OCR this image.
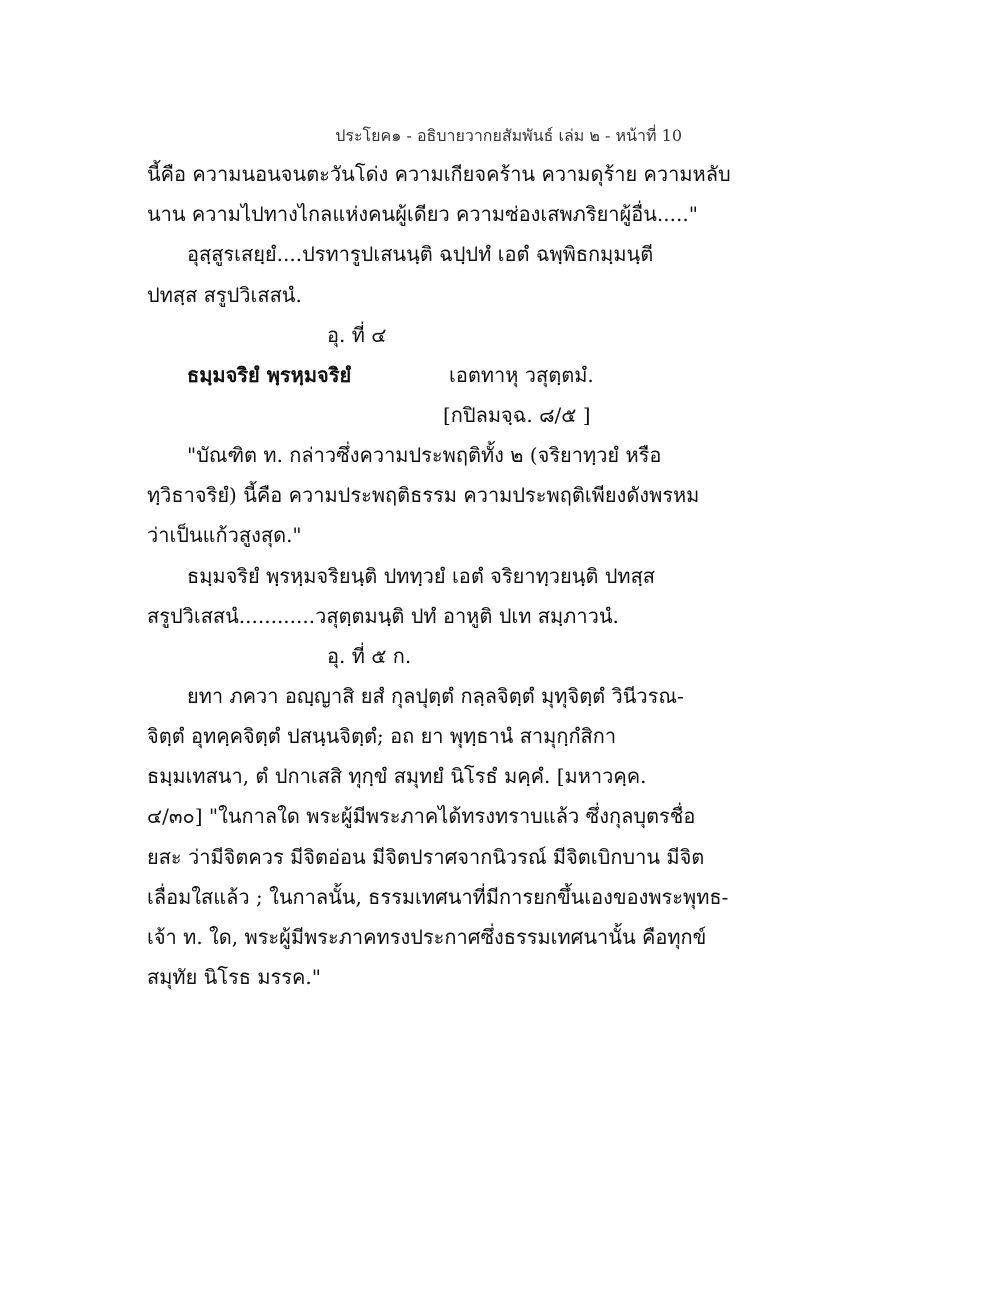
ประโยค๑ - อธิบายวากยสัมพันธ์ เล่ม ๒ - หน้าที่ 10
นี้คือ ความนอนจนตะวันโด่ง ความเกียจคร้าน ความดุร้าย ความหลับ
นาน ความไปทางไกลแห่งคนผู้เดียว ความซ่องเสพภริยาผู้อื่น....."
อุสฺสูรเสยฺยํ....ปรทารูปเสนนฺติ ฉปฺปทํ เอตํ ฉพฺพิธกมฺมนฺตี
ปทสฺส สรูปวิเสสนํ.
อุ. ที่ ๔
ธมฺมจริยํ พฺรหฺมจริยํ	เอตทาหุ วสุตฺตมํ.
[กปิลมจฺฉ. ๘/๕ ]
"บัณฑิต ท. กล่าวซึ่งความประพฤติทั้ง ๒ (จริยาทฺวยํ หรือ
ทฺวิธาจริยํ) นี้คือ ความประพฤติธรรม ความประพฤติเพียงดังพรหม
ว่าเป็นแก้วสูงสุด."
ธมฺมจริยํ พฺรหฺมจริยนฺติ ปททฺวยํ เอตํ จริยาทฺวยนฺติ ปทสฺส
สรูปวิเสสนํ............วสุตฺตมนฺติ ปทํ อาหูติ ปเท สมฺภาวนํ.
อุ. ที่ ๕ ก.
ยทา ภควา อญฺญาสิ ยสํ กุลปุตฺตํ กลฺลจิตฺตํ มุทุจิตฺตํ วินีวรณ-
จิตฺตํ อุทคฺคจิตฺตํ ปสนฺนจิตฺตํ; อถ ยา พุทฺธานํ สามุกฺกํสิกา
ธมฺมเทสนา, ตํ ปกาเสสิ ทุกฺขํ สมุทยํ นิโรธํ มคฺคํ. [มหาวคฺค.
๔/๓๐] "ในกาลใด พระผู้มีพระภาคได้ทรงทราบแล้ว ซึ่งกุลบุตรชื่อ
ยสะ ว่ามีจิตควร มีจิตอ่อน มีจิตปราศจากนิวรณ์ มีจิตเบิกบาน มีจิต
เลื่อมใสแล้ว ; ในกาลนั้น, ธรรมเทศนาที่มีการยกขึ้นเองของพระพุทธ-
เจ้า ท. ใด, พระผู้มีพระภาคทรงประกาศซึ่งธรรมเทศนานั้น คือทุกข์
สมุทัย นิโรธ มรรค."
